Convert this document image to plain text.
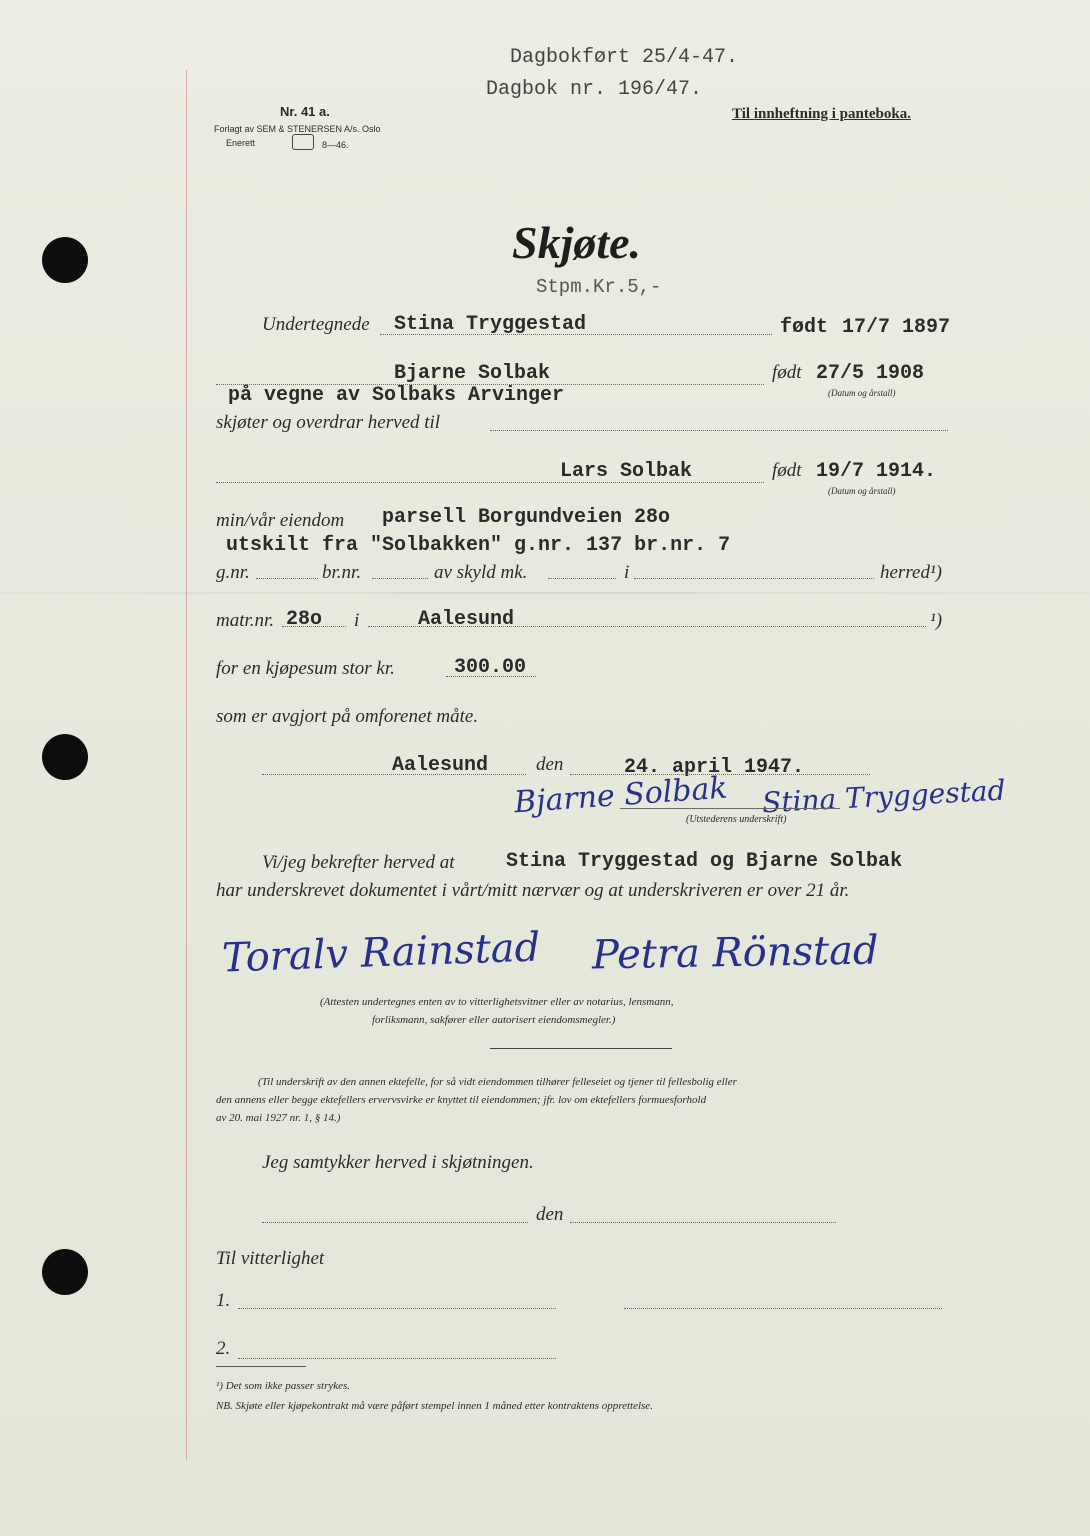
Dagbokført 25/4-47.
Dagbok nr. 196/47.
Nr. 41 a.
Forlagt av SEM & STENERSEN A/s. Oslo
Enerett	8—46.
Til innheftning i panteboka.
Skjøte.
Stpm.Kr.5,-
Undertegnede Stina Tryggestad	født 17/7 1897
Bjarne Solbak	født 27/5 1908
på vegne av Solbaks Arvinger	(Datum og årstall)
skjøter og overdrar herved til
Lars Solbak	født 19/7 1914.
(Datum og årstall)
min/vår eiendom parsell Borgundveien 28o
utskilt fra "Solbakken" g.nr. 137 br.nr. 7
g.nr.	br.nr.	av skyld mk.	i	herred¹)
matr.nr. 28o i	Aalesund	¹)
for en kjøpesum stor kr.	300.00
som er avgjort på omforenet måte.
Aalesund	den	24. april 1947.
Bjarne Solbak Stina Tryggestad
(Utstederens underskrift)
Vi/jeg bekrefter herved at	Stina Tryggestad og Bjarne Solbak
har underskrevet dokumentet i vårt/mitt nærvær og at underskriveren er over 21 år.
Toralv Rainstad Petra Rönstad
(Attesten undertegnes enten av to vitterlighetsvitner eller av notarius, lensmann,
forliksmann, sakfører eller autorisert eiendomsmegler.)
(Til underskrift av den annen ektefelle, for så vidt eiendommen tilhører felleseiet og tjener til fellesbolig eller
den annens eller begge ektefellers ervervsvirke er knyttet til eiendommen; jfr. lov om ektefellers formuesforhold
av 20. mai 1927 nr. 1, § 14.)
Jeg samtykker herved i skjøtningen.
den
Til vitterlighet
1.
2.
¹) Det som ikke passer strykes.
NB. Skjøte eller kjøpekontrakt må være påført stempel innen 1 måned etter kontraktens opprettelse.
